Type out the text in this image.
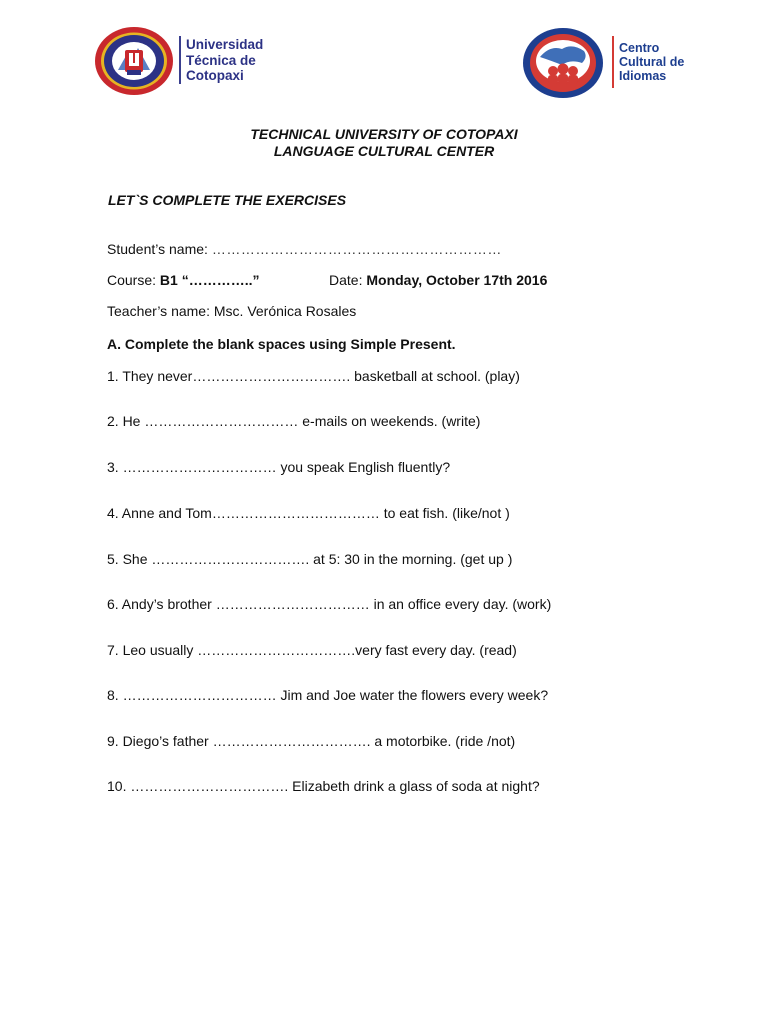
Universidad
Técnica de
Cotopaxi
Centro
Cultural de
Idiomas
TECHNICAL UNIVERSITY OF COTOPAXI
LANGUAGE CULTURAL CENTER
LET`S COMPLETE THE EXERCISES
Student’s name: ……………………………………………………
Course: B1 “…………..”	Date: Monday, October 17th 2016
Teacher’s name: Msc. Verónica Rosales
A. Complete the blank spaces using Simple Present.
1. They never……………………………. basketball at school. (play)
2. He …………………………… e-mails on weekends. (write)
3. …………………………… you speak English fluently?
4. Anne and Tom……………………………… to eat fish. (like/not )
5. She ……………………………. at 5: 30 in the morning. (get up )
6. Andy’s brother …………………………… in an office every day. (work)
7. Leo usually …………………………….very fast every day. (read)
8. …………………………… Jim and Joe water the flowers every week?
9. Diego’s father ……………………………. a motorbike. (ride /not)
10. ……………………………. Elizabeth drink a glass of soda at night?
